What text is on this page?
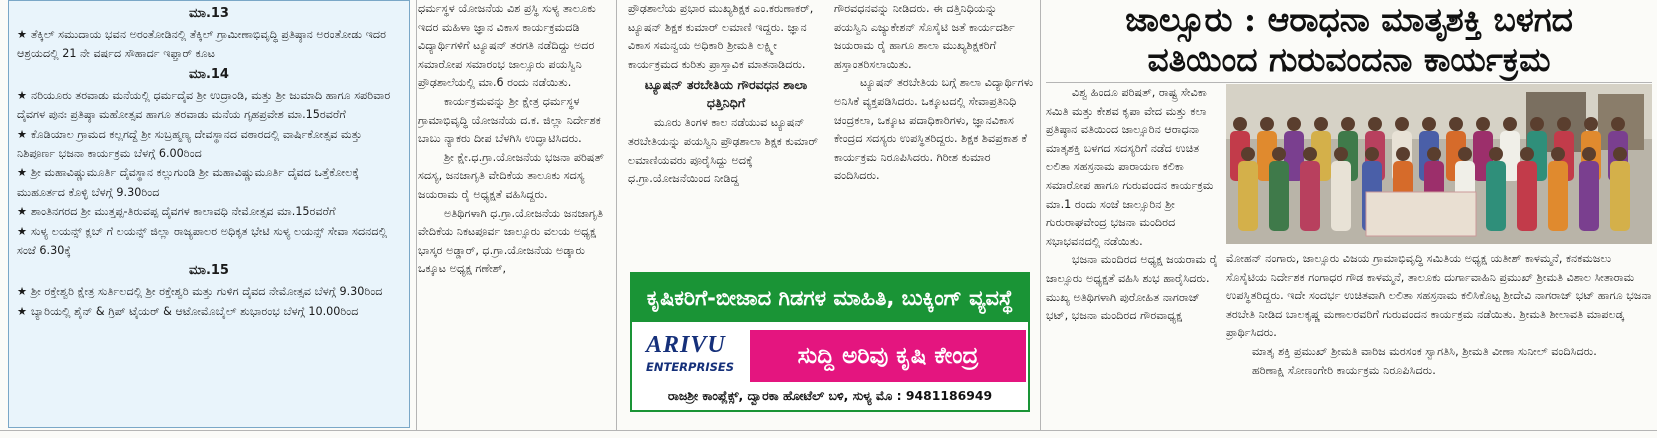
ಮಾ.13
★ ತೆಕ್ಕಿಲ್ ಸಮುದಾಯ ಭವನ ಅರಂತೋಡಿನಲ್ಲಿ ತೆಕ್ಕಿಲ್ ಗ್ರಾಮೀಣಾಭಿವೃದ್ಧಿ ಪ್ರತಿಷ್ಠಾನ ಅರಂತೋಡು ಇದರ ಆಶ್ರಯದಲ್ಲಿ 21 ನೇ ವರ್ಷದ ಸೌಹಾರ್ದ ಇಫ್ತಾರ್ ಕೂಟ
ಮಾ.14
★ ನರಿಯೂರು ತರವಾಡು ಮನೆಯಲ್ಲಿ ಧರ್ಮದೈವ ಶ್ರೀ ಉದ್ರಾಂಡಿ, ಮತ್ತು ಶ್ರೀ ಜುಮಾದಿ ಹಾಗೂ ಸಪರಿವಾರ ದೈವಗಳ ಪುನಃ ಪ್ರತಿಷ್ಠಾ ಮಹೋತ್ಸವ ಹಾಗೂ ತರವಾಡು ಮನೆಯ ಗೃಹಪ್ರವೇಶ ಮಾ.15ರವರೆಗೆ
★ ಕೊಡಿಯಾಲ ಗ್ರಾಮದ ಕಲ್ಲಗದ್ದೆ ಶ್ರೀ ಸುಬ್ರಹ್ಮಣ್ಯ ದೇವಸ್ಥಾನದ ವಠಾರದಲ್ಲಿ ವಾರ್ಷಿಕೋತ್ಸವ ಮತ್ತು ನಿಶಿಪೂರ್ಣ ಭಜನಾ ಕಾರ್ಯಕ್ರಮ ಬೆಳಗ್ಗೆ 6.00ರಿಂದ
★ ಶ್ರೀ ಮಹಾವಿಷ್ಣುಮೂರ್ತಿ ದೈವಸ್ಥಾನ ಕಲ್ಲುಗುಂಡಿ ಶ್ರೀ ಮಹಾವಿಷ್ಣುಮೂರ್ತಿ ದೈವದ ಒತ್ತೆಕೋಲಕ್ಕೆ ಮುಹೂರ್ತದ ಕೊಳ್ಳಿ ಬೆಳಗ್ಗೆ 9.30ರಿಂದ
★ ಶಾಂತಿನಗರದ ಶ್ರೀ ಮುತ್ತಪ್ಪ-ತಿರುವಪ್ಪ ದೈವಗಳ ಕಾಲಾವಧಿ ನೇಮೋತ್ಸವ ಮಾ.15ರವರೆಗೆ
★ ಸುಳ್ಯ ಲಯನ್ಸ್ ಕ್ಲಬ್ ಗೆ ಲಯನ್ಸ್ ಜಿಲ್ಲಾ ರಾಜ್ಯಪಾಲರ ಅಧಿಕೃತ ಭೇಟಿ ಸುಳ್ಯ ಲಯನ್ಸ್ ಸೇವಾ ಸದನದಲ್ಲಿ ಸಂಜೆ 6.30ಕ್ಕೆ
ಮಾ.15
★ ಶ್ರೀ ರಕ್ತೇಶ್ವರಿ ಕ್ಷೇತ್ರ ಸುರ್ತಿಲದಲ್ಲಿ ಶ್ರೀ ರಕ್ತೇಶ್ವರಿ ಮತ್ತು ಗುಳಿಗ ದೈವದ ನೇಮೋತ್ಸವ ಬೆಳಗ್ಗೆ 9.30ರಿಂದ
★ ಬ್ಯಾರಿಯಲ್ಲಿ ಶೈನ್ & ಗ್ರಿಪ್ ಟೈಯರ್ & ಆಟೋಮೊಬೈಲ್ ಶುಭಾರಂಭ ಬೆಳಗ್ಗೆ 10.00ರಿಂದ

ಧರ್ಮಸ್ಥಳ ಯೋಜನೆಯ ವಿಶ ಪ್ರಸ್ಥಿ ಸುಳ್ಯ ತಾಲೂಕು ಇದರ ಮಹಿಳಾ ಜ್ಞಾನ ವಿಕಾಸ ಕಾರ್ಯಕ್ರಮದಡಿ ವಿದ್ಯಾರ್ಥಿಗಳಿಗೆ ಟ್ಯೂಷನ್ ತರಗತಿ ನಡೆದಿದ್ದು ಅದರ ಸಮಾರೋಪ ಸಮಾರಂಭ ಜಾಲ್ಸೂರು ಪಯಸ್ವಿನಿ ಪ್ರೌಢಶಾಲೆಯಲ್ಲಿ ಮಾ.6 ರಂದು ನಡೆಯಿತು.

ಕಾರ್ಯಕ್ರಮವನ್ನು ಶ್ರೀ ಕ್ಷೇತ್ರ ಧರ್ಮಸ್ಥಳ ಗ್ರಾಮಾಭಿವೃದ್ಧಿ ಯೋಜನೆಯ ದ.ಕ. ಜಿಲ್ಲಾ ನಿರ್ದೇಶಕ ಬಾಬು ನ್ಯಾಕರು ದೀಪ ಬೆಳಗಿಸಿ ಉದ್ಘಾಟಿಸಿದರು.

ಶ್ರೀ ಕ್ಷೇ.ಧ.ಗ್ರಾ.ಯೋಜನೆಯ ಭಜನಾ ಪರಿಷತ್ ಸದಸ್ಯ, ಜನಜಾಗೃತಿ ವೇದಿಕೆಯ ತಾಲೂಕು ಸದಸ್ಯ ಜಯರಾಮ ರೈ ಅಧ್ಯಕ್ಷತೆ ವಹಿಸಿದ್ದರು.

ಅತಿಥಿಗಳಾಗಿ ಧ.ಗ್ರಾ.ಯೋಜನೆಯ ಜನಜಾಗೃತಿ ವೇದಿಕೆಯ ನಿಕಟಪೂರ್ವ ಜಾಲ್ಸೂರು ವಲಯ ಅಧ್ಯಕ್ಷ ಭಾಸ್ಕರ ಅಡ್ಡಾರ್, ಧ.ಗ್ರಾ.ಯೋಜನೆಯ ಅಡ್ಕಾರು ಒಕ್ಕೂಟ ಅಧ್ಯಕ್ಷ ಗಣೇಶ್,

ಪ್ರೌಢಶಾಲೆಯ ಪ್ರಭಾರ ಮುಖ್ಯಶಿಕ್ಷಕ ಎಂ.ಕರುಣಾಕರ್, ಟ್ಯೂಷನ್ ಶಿಕ್ಷಕ ಕುಮಾರ್ ಲಮಾಣಿ ಇದ್ದರು. ಜ್ಞಾನ ವಿಕಾಸ ಸಮನ್ವಯ ಅಧಿಕಾರಿ ಶ್ರೀಮತಿ ಲಕ್ಷ್ಮೀ ಕಾರ್ಯಕ್ರಮದ ಕುರಿತು ಪ್ರಾಸ್ತಾವಿಕ ಮಾತನಾಡಿದರು.

ಟ್ಯೂಷನ್ ತರಬೇತಿಯ ಗೌರವಧನ ಶಾಲಾ ಧತ್ತಿನಿಧಿಗೆ

ಮೂರು ತಿಂಗಳ ಕಾಲ ನಡೆಯುವ ಟ್ಯೂಷನ್ ತರಬೇತಿಯನ್ನು ಪಯಸ್ವಿನಿ ಪ್ರೌಢಶಾಲಾ ಶಿಕ್ಷಕ ಕುಮಾರ್ ಲಮಾಣಿಯವರು ಪೂರೈಸಿದ್ದು ಅದಕ್ಕೆ ಧ.ಗ್ರಾ.ಯೋಜನೆಯಿಂದ ನೀಡಿದ್ದ

ಗೌರವಧನವನ್ನು ನೀಡಿದರು. ಈ ದತ್ತಿನಿಧಿಯನ್ನು ಪಯಸ್ವಿನಿ ಎಜ್ಯುಕೇಶನ್ ಸೊಸೈಟಿ ಜತೆ ಕಾರ್ಯದರ್ಶಿ ಜಯರಾಮ ರೈ ಹಾಗೂ ಶಾಲಾ ಮುಖ್ಯಶಿಕ್ಷಕರಿಗೆ ಹಸ್ತಾಂತರಿಸಲಾಯಿತು.

ಟ್ಯೂಷನ್ ತರಬೇತಿಯ ಬಗ್ಗೆ ಶಾಲಾ ವಿದ್ಯಾರ್ಥಿಗಳು ಅನಿಸಿಕೆ ವ್ಯಕ್ತಪಡಿಸಿದರು. ಒಕ್ಕೂಟದಲ್ಲಿ ಸೇವಾಪ್ರತಿನಿಧಿ ಚಂದ್ರಕಲಾ, ಒಕ್ಕೂಟ ಪದಾಧಿಕಾರಿಗಳು, ಜ್ಞಾನವಿಕಾಸ ಕೇಂದ್ರದ ಸದಸ್ಯರು ಉಪಸ್ಥಿತರಿದ್ದರು. ಶಿಕ್ಷಕ ಶಿವಪ್ರಕಾಶ ಕೆ ಕಾರ್ಯಕ್ರಮ ನಿರೂಪಿಸಿದರು. ಗಿರೀಶ ಕುಮಾರ ವಂದಿಸಿದರು.

ಕೃಷಿಕರಿಗೆ-ಬೀಜಾದ ಗಿಡಗಳ ಮಾಹಿತಿ, ಬುಕ್ಕಿಂಗ್ ವ್ಯವಸ್ಥೆ
ARIVU
ENTERPRISES	ಸುದ್ದಿ ಅರಿವು ಕೃಷಿ ಕೇಂದ್ರ
ರಾಜಶ್ರೀ ಕಾಂಪ್ಲೆಕ್ಸ್, ದ್ವಾರಕಾ ಹೋಟೆಲ್ ಬಳಿ, ಸುಳ್ಯ ಮೊ : 9481186949
ಜಾಲ್ಸೂರು : ಆರಾಧನಾ ಮಾತೃಶಕ್ತಿ ಬಳಗದ
ವತಿಯಿಂದ ಗುರುವಂದನಾ ಕಾರ್ಯಕ್ರಮ

ವಿಶ್ವ ಹಿಂದೂ ಪರಿಷತ್, ರಾಷ್ಟ್ರ ಸೇವಿಕಾ ಸಮಿತಿ ಮತ್ತು ಕೇಶವ ಕೃಪಾ ವೇದ ಮತ್ತು ಕಲಾ ಪ್ರತಿಷ್ಠಾನ ವತಿಯಿಂದ ಜಾಲ್ಸೂರಿನ ಆರಾಧನಾ ಮಾತೃಶಕ್ತಿ ಬಳಗದ ಸದಸ್ಯರಿಗೆ ನಡೆದ ಉಚಿತ ಲಲಿತಾ ಸಹಸ್ರನಾಮ ಪಾರಾಯಣ ಕಲಿಕಾ ಸಮಾರೋಪ ಹಾಗೂ ಗುರುವಂದನ ಕಾರ್ಯಕ್ರಮ ಮಾ.1 ರಂದು ಸಂಜೆ ಜಾಲ್ಸೂರಿನ ಶ್ರೀ ಗುರುರಾಘವೇಂದ್ರ ಭಜನಾ ಮಂದಿರದ ಸಭಾಭವನದಲ್ಲಿ ನಡೆಯಿತು.

ಭಜನಾ ಮಂದಿರದ ಅಧ್ಯಕ್ಷ ಜಯರಾಮ ರೈ ಜಾಲ್ಸೂರು ಅಧ್ಯಕ್ಷತೆ ವಹಿಸಿ ಶುಭ ಹಾರೈಸಿದರು. ಮುಖ್ಯ ಅತಿಥಿಗಳಾಗಿ ಪುರೋಹಿತ ನಾಗರಾಜ್ ಭಟ್, ಭಜನಾ ಮಂದಿರದ ಗೌರವಾಧ್ಯಕ್ಷ

ಮೋಹನ್ ನಂಗಾರು, ಜಾಲ್ಸೂರು ವಿಜಯ ಗ್ರಾಮಾಭಿವೃದ್ಧಿ ಸಮಿತಿಯ ಅಧ್ಯಕ್ಷ ಯತೀಶ್ ಕಾಳಮ್ಮನೆ, ಕನಕಮಜಲು ಸೊಸೈಟಿಯ ನಿರ್ದೇಶಕ ಗಂಗಾಧರ ಗೌಡ ಕಾಳಮ್ಮನೆ, ತಾಲೂಕು ದುರ್ಗಾವಾಹಿನಿ ಪ್ರಮುಖ್ ಶ್ರೀಮತಿ ವಿಶಾಲ ಸೀತಾರಾಮ ಉಪಸ್ಥಿತರಿದ್ದರು. ಇದೇ ಸಂದರ್ಭ ಉಚಿತವಾಗಿ ಲಲಿತಾ ಸಹಸ್ರನಾಮ ಕಲಿಸಿಕೊಟ್ಟ ಶ್ರೀದೇವಿ ನಾಗರಾಜ್ ಭಟ್ ಹಾಗೂ ಭಜನಾ ತರಬೇತಿ ನೀಡಿದ ಬಾಲಕೃಷ್ಣ ಮಣಾಲರವರಿಗೆ ಗುರುವಂದನ ಕಾರ್ಯಕ್ರಮ ನಡೆಯಿತು. ಶ್ರೀಮತಿ ಶೀಲಾವತಿ ಮಾಪಲಡ್ಕ ಪ್ರಾರ್ಥಿಸಿದರು.

ಮಾತೃ ಶಕ್ತಿ ಪ್ರಮುಖ್ ಶ್ರೀಮತಿ ವಾರಿಜ ಮರಸಂಕ ಸ್ವಾಗತಿಸಿ, ಶ್ರೀಮತಿ ವೀಣಾ ಸುನೀಲ್ ವಂದಿಸಿದರು.

ಹರಿಣಾಕ್ಷಿ ಸೋಣಂಗೇರಿ ಕಾರ್ಯಕ್ರಮ ನಿರೂಪಿಸಿದರು.
